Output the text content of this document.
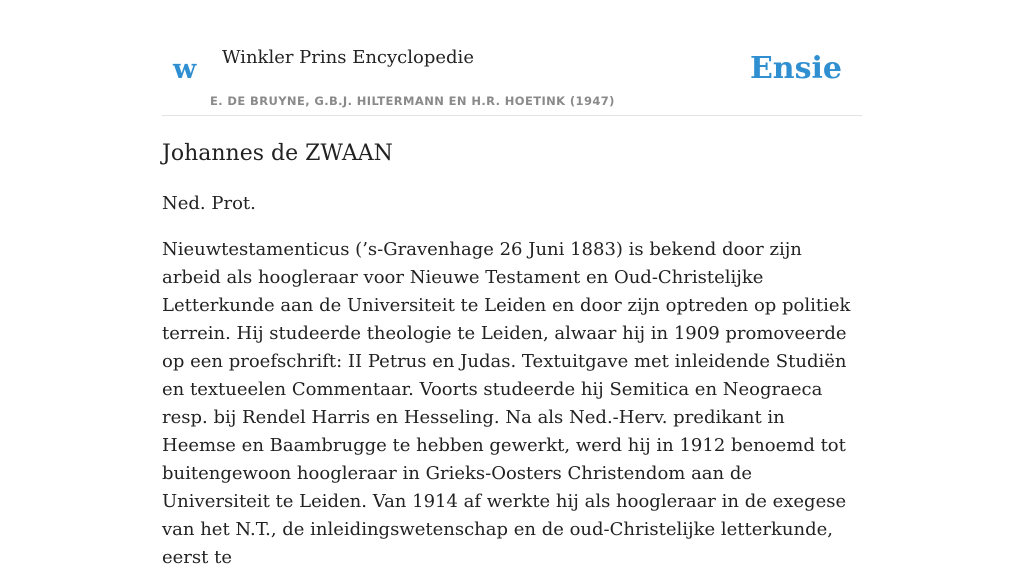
w Winkler Prins Encyclopedie
E. DE BRUYNE, G.B.J. HILTERMANN EN H.R. HOETINK (1947)
Ensie
Johannes de ZWAAN

Ned. Prot.

Nieuwtestamenticus (’s-Gravenhage 26 Juni 1883) is bekend door zijn arbeid als hoogleraar voor Nieuwe Testament en Oud-Christelijke Letterkunde aan de Universiteit te Leiden en door zijn optreden op politiek terrein. Hij studeerde theologie te Leiden, alwaar hij in 1909 promoveerde op een proefschrift: II Petrus en Judas. Textuitgave met inleidende Studiën en textueelen Commentaar. Voorts studeerde hij Semitica en Neograeca resp. bij Rendel Harris en Hesseling. Na als Ned.-Herv. predikant in Heemse en Baambrugge te hebben gewerkt, werd hij in 1912 benoemd tot buitengewoon hoogleraar in Grieks-Oosters Christendom aan de Universiteit te Leiden. Van 1914 af werkte hij als hoogleraar in de exegese van het N.T., de inleidingswetenschap en de oud-Christelijke letterkunde, eerst te
